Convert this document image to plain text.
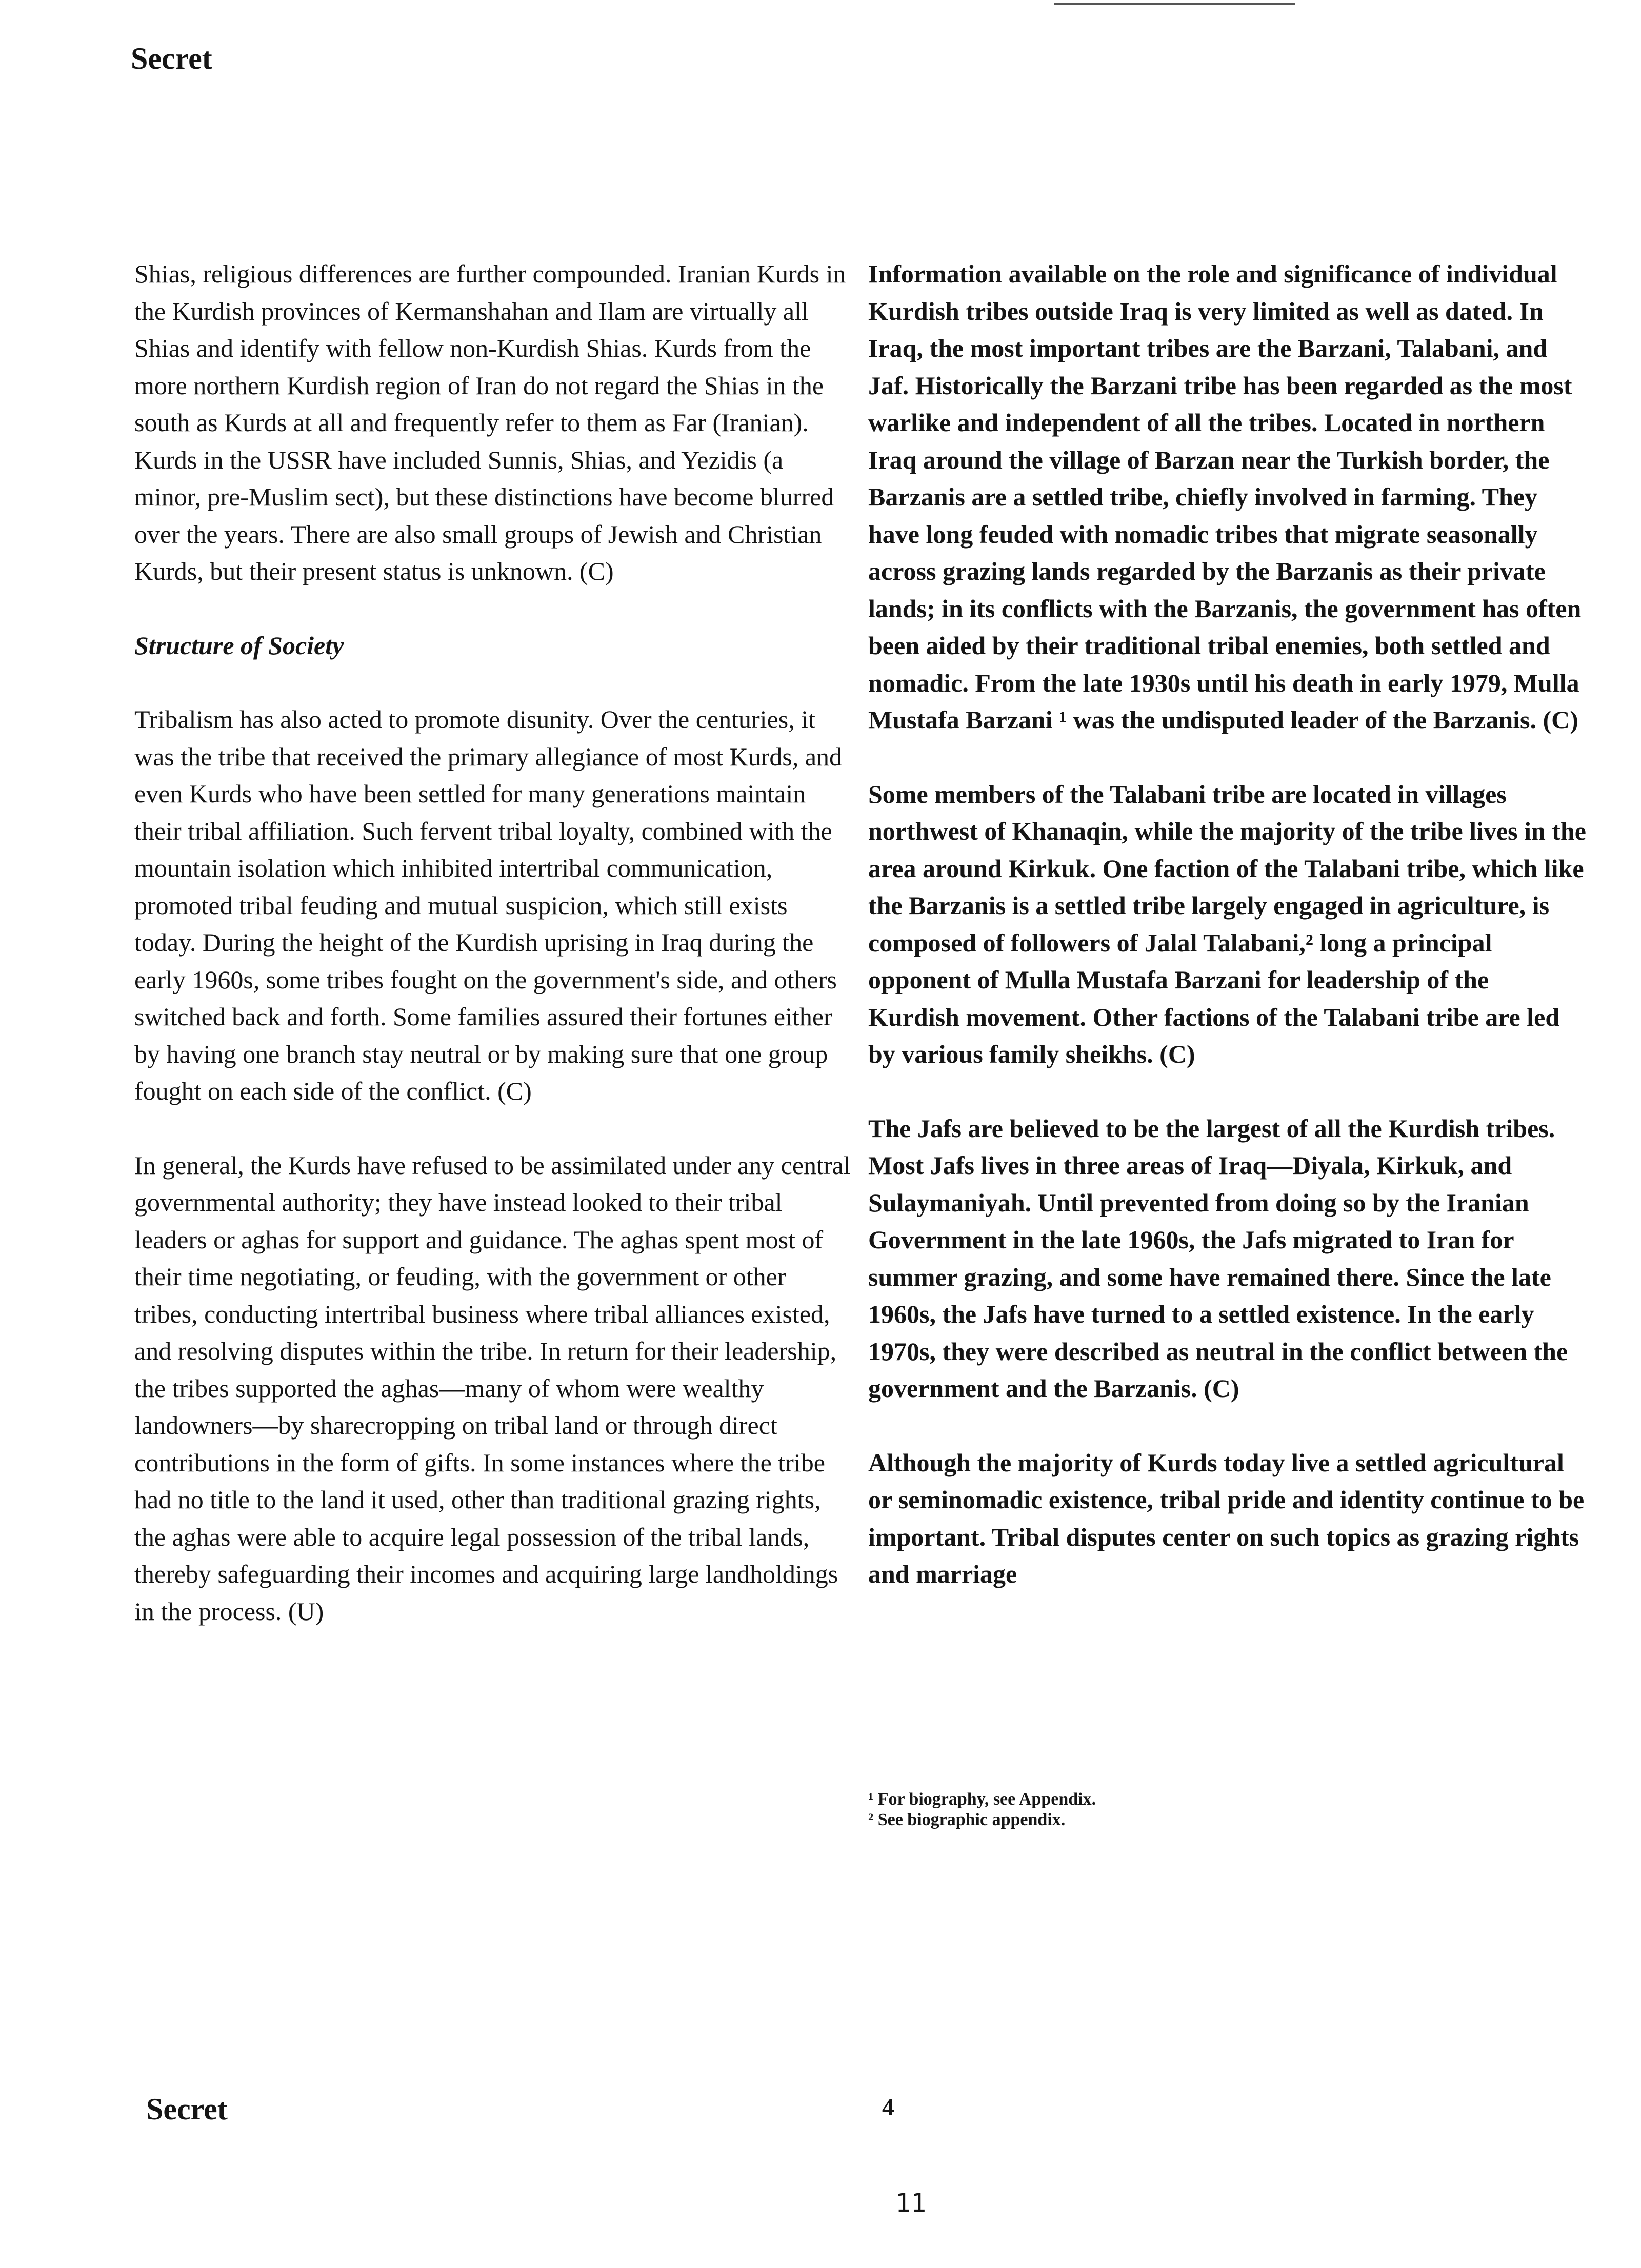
Secret

Shias, religious differences are further compounded. Iranian Kurds in the Kurdish provinces of Kermanshahan and Ilam are virtually all Shias and identify with fellow non-Kurdish Shias. Kurds from the more northern Kurdish region of Iran do not regard the Shias in the south as Kurds at all and frequently refer to them as Far (Iranian). Kurds in the USSR have included Sunnis, Shias, and Yezidis (a minor, pre-Muslim sect), but these distinctions have become blurred over the years. There are also small groups of Jewish and Christian Kurds, but their present status is unknown. (C)

Structure of Society

Tribalism has also acted to promote disunity. Over the centuries, it was the tribe that received the primary allegiance of most Kurds, and even Kurds who have been settled for many generations maintain their tribal affiliation. Such fervent tribal loyalty, combined with the mountain isolation which inhibited intertribal communication, promoted tribal feuding and mutual suspicion, which still exists today. During the height of the Kurdish uprising in Iraq during the early 1960s, some tribes fought on the government's side, and others switched back and forth. Some families assured their fortunes either by having one branch stay neutral or by making sure that one group fought on each side of the conflict. (C)

In general, the Kurds have refused to be assimilated under any central governmental authority; they have instead looked to their tribal leaders or aghas for support and guidance. The aghas spent most of their time negotiating, or feuding, with the government or other tribes, conducting intertribal business where tribal alliances existed, and resolving disputes within the tribe. In return for their leadership, the tribes supported the aghas—many of whom were wealthy landowners—by sharecropping on tribal land or through direct contributions in the form of gifts. In some instances where the tribe had no title to the land it used, other than traditional grazing rights, the aghas were able to acquire legal possession of the tribal lands, thereby safeguarding their incomes and acquiring large landholdings in the process. (U)

Information available on the role and significance of individual Kurdish tribes outside Iraq is very limited as well as dated. In Iraq, the most important tribes are the Barzani, Talabani, and Jaf. Historically the Barzani tribe has been regarded as the most warlike and independent of all the tribes. Located in northern Iraq around the village of Barzan near the Turkish border, the Barzanis are a settled tribe, chiefly involved in farming. They have long feuded with nomadic tribes that migrate seasonally across grazing lands regarded by the Barzanis as their private lands; in its conflicts with the Barzanis, the government has often been aided by their traditional tribal enemies, both settled and nomadic. From the late 1930s until his death in early 1979, Mulla Mustafa Barzani ¹ was the undisputed leader of the Barzanis. (C)

Some members of the Talabani tribe are located in villages northwest of Khanaqin, while the majority of the tribe lives in the area around Kirkuk. One faction of the Talabani tribe, which like the Barzanis is a settled tribe largely engaged in agriculture, is composed of followers of Jalal Talabani,² long a principal opponent of Mulla Mustafa Barzani for leadership of the Kurdish movement. Other factions of the Talabani tribe are led by various family sheikhs. (C)

The Jafs are believed to be the largest of all the Kurdish tribes. Most Jafs lives in three areas of Iraq—Diyala, Kirkuk, and Sulaymaniyah. Until prevented from doing so by the Iranian Government in the late 1960s, the Jafs migrated to Iran for summer grazing, and some have remained there. Since the late 1960s, the Jafs have turned to a settled existence. In the early 1970s, they were described as neutral in the conflict between the government and the Barzanis. (C)

Although the majority of Kurds today live a settled agricultural or seminomadic existence, tribal pride and identity continue to be important. Tribal disputes center on such topics as grazing rights and marriage

¹ For biography, see Appendix.
² See biographic appendix.
Secret	4
11
